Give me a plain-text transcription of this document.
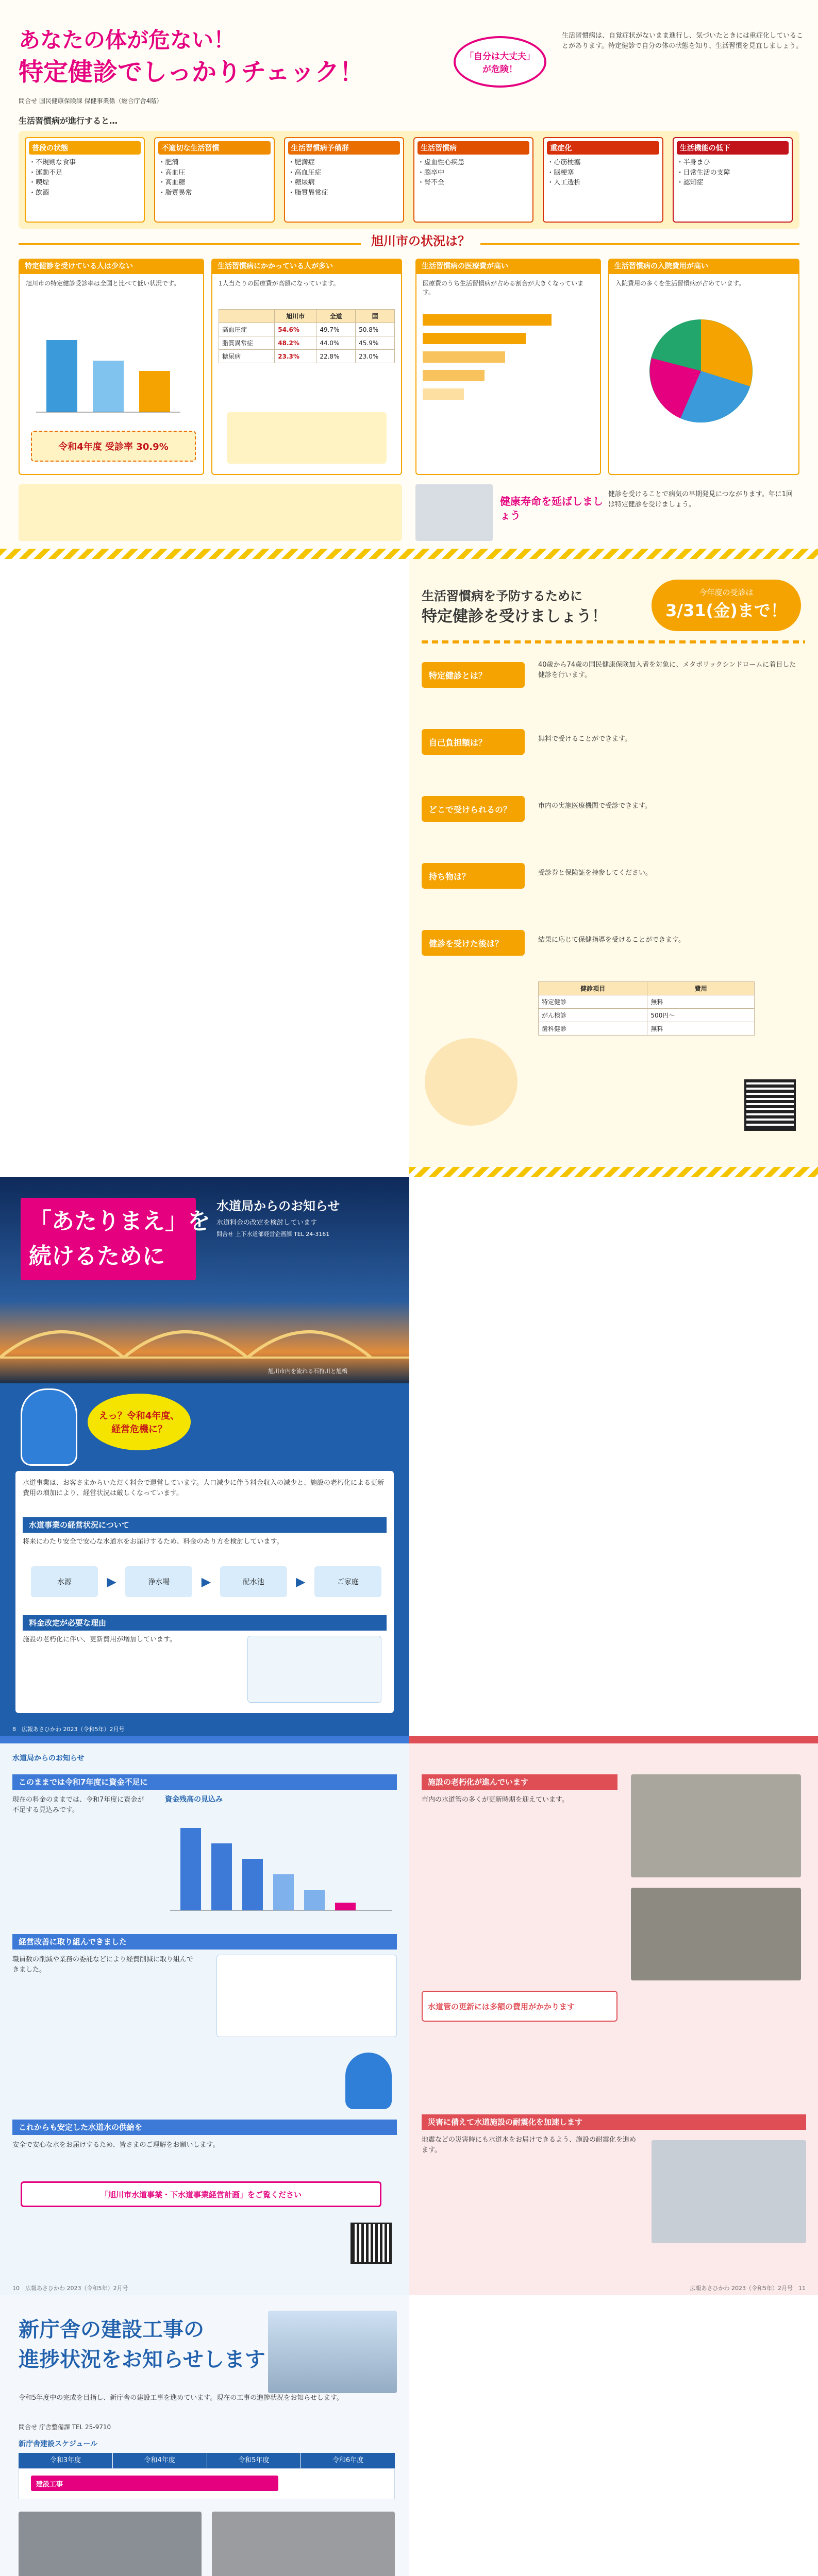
あなたの体が危ない！
特定健診でしっかりチェック！
「自分は大丈夫」が危険！
生活習慣病は、自覚症状がないまま進行し、気づいたときには重症化していることがあります。特定健診で自分の体の状態を知り、生活習慣を見直しましょう。
問合せ 国民健康保険課 保健事業係（総合庁舎4階）
生活習慣病が進行すると…
普段の状態
・不規則な食事
・運動不足
・喫煙
・飲酒
不適切な生活習慣
・肥満
・高血圧
・高血糖
・脂質異常
生活習慣病予備群
・肥満症
・高血圧症
・糖尿病
・脂質異常症
生活習慣病
・虚血性心疾患
・脳卒中
・腎不全
重症化
・心筋梗塞
・脳梗塞
・人工透析
生活機能の低下
・半身まひ
・日常生活の支障
・認知症
旭川市の状況は？
特定健診を受けている人は少ない
旭川市の特定健診受診率は全国と比べて低い状況です。
令和4年度 受診率 30.9%
生活習慣病にかかっている人が多い
1人当たりの医療費が高額になっています。
	旭川市	全道	国
高血圧症	54.6%	49.7%	50.8%
脂質異常症	48.2%	44.0%	45.9%
糖尿病	23.3%	22.8%	23.0%
生活習慣病の医療費が高い
医療費のうち生活習慣病が占める割合が大きくなっています。
生活習慣病の入院費用が高い
入院費用の多くを生活習慣病が占めています。
健康寿命を延ばしましょう
健診を受けることで病気の早期発見につながります。年に1回は特定健診を受けましょう。

生活習慣病を予防するために
特定健診を受けましょう！
今年度の受診は
3/31(金)まで！
特定健診とは？
40歳から74歳の国民健康保険加入者を対象に、メタボリックシンドロームに着目した健診を行います。
自己負担額は？	無料で受けることができます。
どこで受けられるの？	市内の実施医療機関で受診できます。
持ち物は？	受診券と保険証を持参してください。
健診を受けた後は？	結果に応じて保健指導を受けることができます。
健診項目	費用
特定健診	無料
がん検診	500円〜
歯科健診	無料

「あたりまえ」を
続けるために
水道局からのお知らせ
水道料金の改定を検討しています
問合せ 上下水道部経営企画課 TEL 24-3161
旭川市内を流れる石狩川と旭橋
えっ？令和4年度、経営危機に？
水道事業は、お客さまからいただく料金で運営しています。人口減少に伴う料金収入の減少と、施設の老朽化による更新費用の増加により、経営状況は厳しくなっています。
水道事業の経営状況について
将来にわたり安全で安心な水道水をお届けするため、料金のあり方を検討しています。
水源	▶	浄水場	▶	配水池	▶	ご家庭
料金改定が必要な理由
施設の老朽化に伴い、更新費用が増加しています。
8　 広報あさひかわ 2023（令和5年）2月号
水道局からのお知らせ
このままでは令和7年度に資金不足に
現在の料金のままでは、令和7年度に資金が不足する見込みです。
資金残高の見込み
経営改善に取り組んできました
職員数の削減や業務の委託などにより経費削減に取り組んできました。
これからも安定した水道水の供給を
安全で安心な水をお届けするため、皆さまのご理解をお願いします。
「旭川市水道事業・下水道事業経営計画」をご覧ください
10　 広報あさひかわ 2023（令和5年）2月号
施設の老朽化が進んでいます
市内の水道管の多くが更新時期を迎えています。
水道管の更新には多額の費用がかかります
災害に備えて水道施設の耐震化を加速します
地震などの災害時にも水道水をお届けできるよう、施設の耐震化を進めます。
広報あさひかわ 2023（令和5年）2月号　 11
新庁舎の建設工事の
進捗状況をお知らせします
令和5年度中の完成を目指し、新庁舎の建設工事を進めています。現在の工事の進捗状況をお知らせします。
問合せ 庁舎整備課 TEL 25-9710
新庁舎建設スケジュール
令和3年度	令和4年度	令和5年度	令和6年度
建設工事
